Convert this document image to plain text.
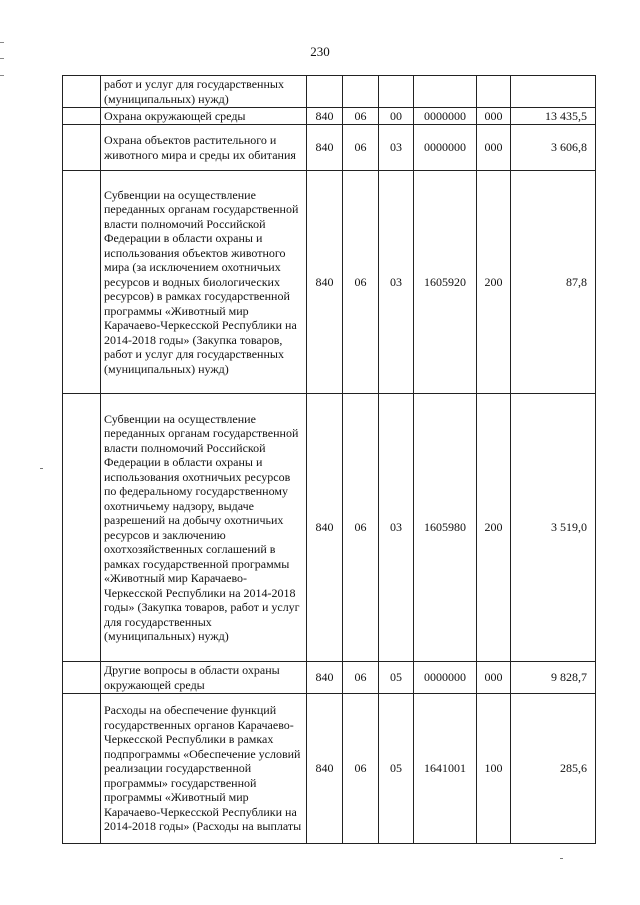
230
	работ и услуг для государственных (муниципальных) нужд)						
	Охрана окружающей среды	840	06	00	0000000	000	13 435,5
	Охрана объектов растительного и животного мира и среды их обитания	840	06	03	0000000	000	3 606,8
	Субвенции на осуществление переданных органам государственной власти полномочий Российской Федерации в области охраны и использования объектов животного мира (за исключением охотничьих ресурсов и водных биологических ресурсов) в рамках государственной программы «Животный мир Карачаево-Черкесской Республики на 2014-2018 годы» (Закупка товаров, работ и услуг для государственных (муниципальных) нужд)	840	06	03	1605920	200	87,8
	Субвенции на осуществление переданных органам государственной власти полномочий Российской Федерации в области охраны и использования охотничьих ресурсов по федеральному государственному охотничьему надзору, выдаче разрешений на добычу охотничьих ресурсов и заключению охотхозяйственных соглашений в рамках государственной программы «Животный мир Карачаево-Черкесской Республики на 2014-2018 годы» (Закупка товаров, работ и услуг для государственных (муниципальных) нужд)	840	06	03	1605980	200	3 519,0
	Другие вопросы в области охраны окружающей среды	840	06	05	0000000	000	9 828,7
	Расходы на обеспечение функций государственных органов Карачаево-Черкесской Республики в рамках подпрограммы «Обеспечение условий реализации государственной программы» государственной программы «Животный мир Карачаево-Черкесской Республики на 2014-2018 годы» (Расходы на выплаты	840	06	05	1641001	100	285,6
